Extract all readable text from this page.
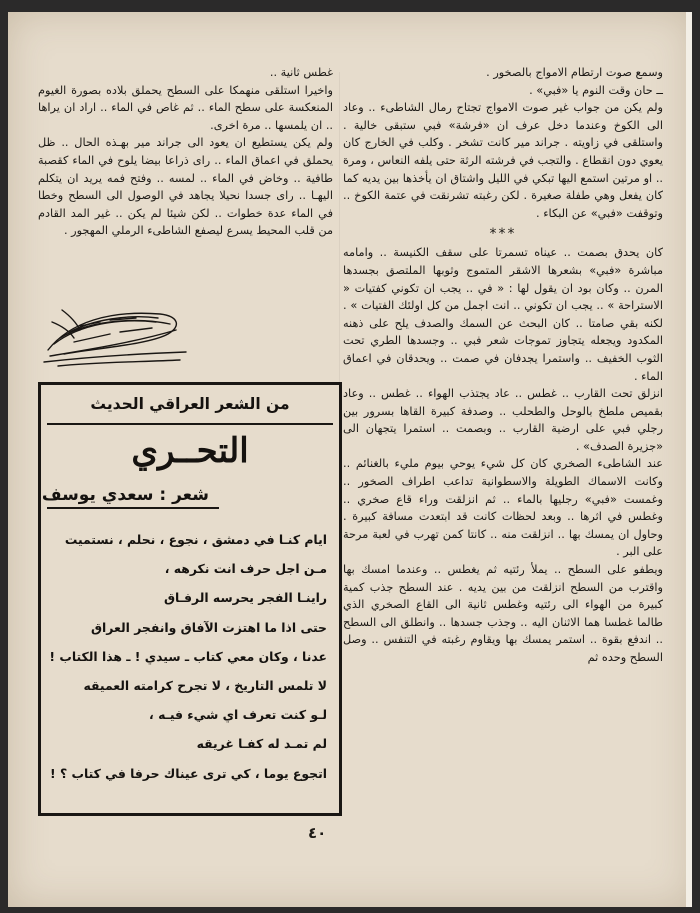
وسمع صوت ارتطام الامواج بالصخور .

ــ حان وقت النوم يا «فبي» .

ولم يكن من جواب غير صوت الامواج تجتاح رمال الشاطىء .. وعاد الى الكوخ وعندما دخل عرف ان «فرشة» فبي ستبقى خالية . واستلقى في زاويته . جراند مير كانت تشخر . وكلب في الخارج كان يعوي دون انقطاع . والتجب في فرشته الرثة حتى يلفه النعاس ، ومرة .. او مرتين استمع اليها تبكي في الليل واشتاق ان يأخذها بين يديه كما كان يفعل وهي طفلة صغيرة . لكن رغبته تشرنقت في عتمة الكوخ .. وتوقفت «فبي» عن البكاء .

***

كان يحدق بصمت .. عيناه تسمرتا على سقف الكنيسة .. وامامه مباشرة «فبي» بشعرها الاشقر المتموج وثوبها الملتصق بجسدها المرن .. وكان بود ان يقول لها : « في .. يجب ان تكوني كفتيات « الاستراحة » .. يجب ان تكوني .. انت اجمل من كل اولئك الفتيات » . لكنه بقي صامتا .. كان البحث عن السمك والصدف يلح على ذهنه المكدود ويجعله يتجاوز تموجات شعر فبي .. وجسدها الطري تحت الثوب الخفيف .. واستمرا يجدفان في صمت .. ويحدقان في اعماق الماء .

انزلق تحت القارب .. غطس .. عاد يجتذب الهواء .. غطس .. وعاد بقميص ملطخ بالوحل والطحلب .. وصدفة كبيرة القاها بسرور بين رجلي فبي على ارضية القارب .. وبصمت .. استمرا يتجهان الى «جزيرة الصدف» .

عند الشاطىء الصخري كان كل شيء يوحي بيوم مليء بالغنائم .. وكانت الاسماك الطويلة والاسطوانية تداعب اطراف الصخور .. وغمست «فبي» رجليها بالماء .. ثم انزلقت وراء قاع صخري .. وغطس في اثرها .. وبعد لحظات كانت قد ابتعدت مسافة كبيرة . وحاول ان يمسك بها .. انزلقت منه .. كانتا كمن تهرب في لعبة مرحة على البر .

ويطفو على السطح .. يملأ رئتيه ثم يغطس .. وعندما امسك بها واقترب من السطح انزلقت من بين يديه . عند السطح جذب كمية كبيرة من الهواء الى رئتيه وغطس ثانية الى القاع الصخري الذي طالما غطسا هما الاثنان اليه .. وجذب جسدها .. وانطلق الى السطح .. اندفع بقوة .. استمر يمسك بها ويقاوم رغبته في التنفس .. وصل السطح وحده ثم

غطس ثانية ..

واخيرا استلقى منهمكا على السطح يحملق بلاده بصورة الغيوم المنعكسة على سطح الماء .. ثم غاص في الماء .. اراد ان يراها .. ان يلمسها .. مرة اخرى.

ولم يكن يستطيع ان يعود الى جراند مير بهـذه الحال .. ظل يحملق في اعماق الماء .. راى ذراعا بيضا يلوح في الماء كقصبة طافية .. وخاض في الماء .. لمسه .. وفتح فمه يريد ان يتكلم اليهـا .. راى جسدا نحيلا يجاهد في الوصول الى السطح وخطا في الماء عدة خطوات .. لكن شيئا لم يكن .. غير المد القادم من قلب المحيط يسرع ليصفع الشاطىء الرملي المهجور .

من الشعر العراقي الحديث
التحــري
شعر : سعدي يوسف

ايام كنـا في دمشق ، نجوع ، نحلم ، نستميت

مـن اجل حرف انت نكرهه ،

راينـا الفجر يحرسه الرفـاق

حتى اذا ما اهتزت الآفاق وانفجر العراق

عدنا ، وكان معي كتاب ـ سيدي ! ـ هذا الكتاب !

لا تلمس التاريخ ، لا تجرح كرامته العميقه

لـو كنت تعرف اي شيء فيـه ،

لم تمـد له كفـا غريقه

اتجوع يوما ، كي ترى عيناك حرفا في كتاب ؟ !

٤٠
